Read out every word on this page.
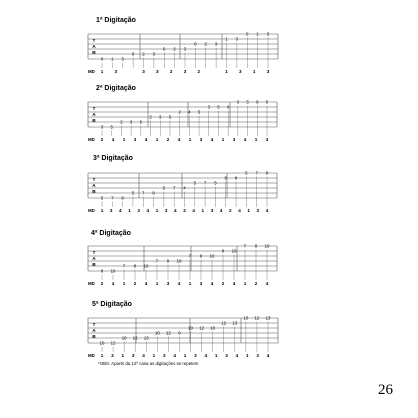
1ª Digitação
2ª Digitação
3ª Digitação
4ª Digitação
5ª Digitação
T
A
B
0 1 3
0 2 3
0 2 3
0 2 3
1 3
0 1 3
MD 1 3	3 3 2 3 2	1 3 1 3
T
A
B
3 5
2 3 5
2 3 5
2 4 5
3 5 6
3 5 6 5
MD 2 4 1 3 4 1 2 4 1 3 4 1 3 4 1 3
T
A
B
5 7 8
5 7 8
5 7 4
5 7 5
6 8
5 7 8
MD 1 3 4 1 3 4 1 3 4 2 4 1 3 4 2 4 1 3 4
T
A
B
8 10
7 8 10
7 9 10
7 9 10
8 10
7 8 10
MD 2 4 1 2 4 1 3 4 1 3 4 2 4 1 2 4
T
A
B
10 12
10 12 13
10 12 9
10 12 10
12 13
10 12 13
MD 1 3 1 3 4 1 3 4 1 3 4 1 3 4 1 3 4
*OBS: Apartir da 12ª casa as digitações se repetem
26
